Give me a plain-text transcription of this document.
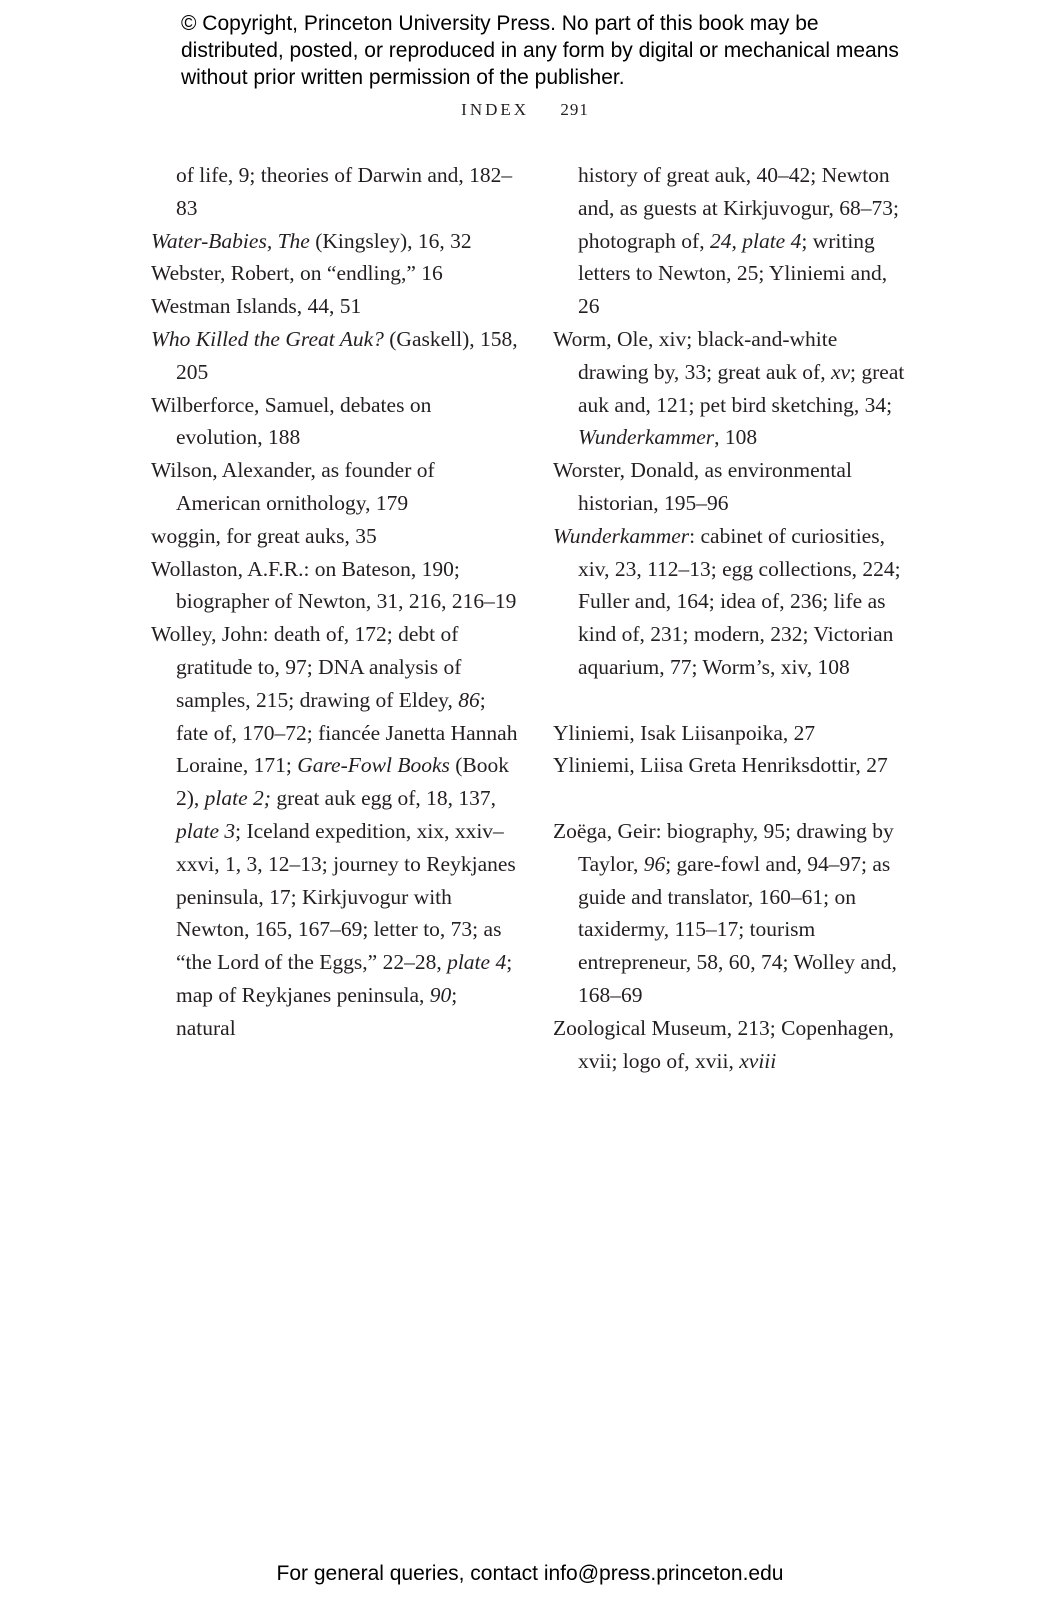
© Copyright, Princeton University Press. No part of this book may be distributed, posted, or reproduced in any form by digital or mechanical means without prior written permission of the publisher.
INDEX 291
of life, 9; theories of Darwin and, 182–83
Water-Babies, The (Kingsley), 16, 32
Webster, Robert, on “endling,” 16
Westman Islands, 44, 51
Who Killed the Great Auk? (Gaskell), 158, 205
Wilberforce, Samuel, debates on evolution, 188
Wilson, Alexander, as founder of American ornithology, 179
woggin, for great auks, 35
Wollaston, A.F.R.: on Bateson, 190; biographer of Newton, 31, 216, 216–19
Wolley, John: death of, 172; debt of gratitude to, 97; DNA analysis of samples, 215; drawing of Eldey, 86; fate of, 170–72; fiancée Janetta Hannah Loraine, 171; Gare-Fowl Books (Book 2), plate 2; great auk egg of, 18, 137, plate 3; Iceland expedition, xix, xxiv–xxvi, 1, 3, 12–13; journey to Reykjanes peninsula, 17; Kirkjuvogur with Newton, 165, 167–69; letter to, 73; as “the Lord of the Eggs,” 22–28, plate 4; map of Reykjanes peninsula, 90; natural
history of great auk, 40–42; Newton and, as guests at Kirkjuvogur, 68–73; photograph of, 24, plate 4; writing letters to Newton, 25; Yliniemi and, 26
Worm, Ole, xiv; black-and-white drawing by, 33; great auk of, xv; great auk and, 121; pet bird sketching, 34; Wunderkammer, 108
Worster, Donald, as environmental historian, 195–96
Wunderkammer: cabinet of curiosities, xiv, 23, 112–13; egg collections, 224; Fuller and, 164; idea of, 236; life as kind of, 231; modern, 232; Victorian aquarium, 77; Worm’s, xiv, 108
Yliniemi, Isak Liisanpoika, 27
Yliniemi, Liisa Greta Henriksdottir, 27
Zoëga, Geir: biography, 95; drawing by Taylor, 96; gare-fowl and, 94–97; as guide and translator, 160–61; on taxidermy, 115–17; tourism entrepreneur, 58, 60, 74; Wolley and, 168–69
Zoological Museum, 213; Copenhagen, xvii; logo of, xvii, xviii
For general queries, contact info@press.princeton.edu
